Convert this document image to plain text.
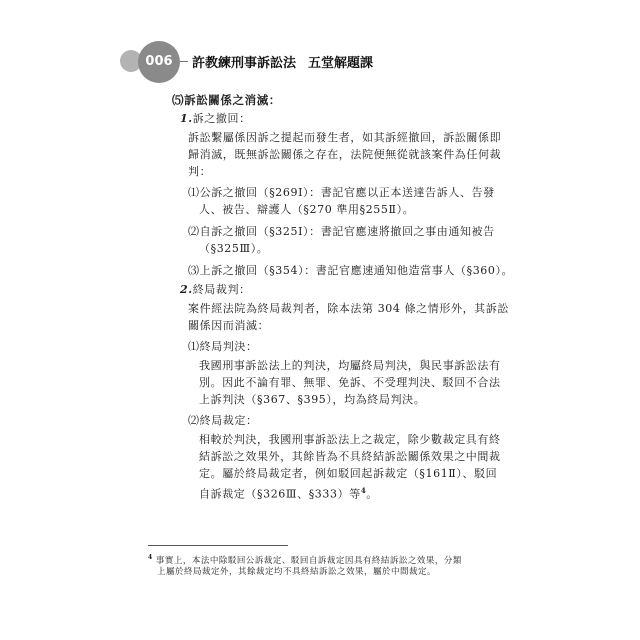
006	許教練刑事訴訟法 五堂解題課
⑸訴訟關係之消滅：
1.訴之撤回：
訴訟繫屬係因訴之提起而發生者，如其訴經撤回，訴訟關係即
歸消滅，既無訴訟關係之存在，法院便無從就該案件為任何裁
判：
⑴公訴之撤回（§269Ⅰ）：書記官應以正本送達告訴人、告發
人、被告、辯護人（§270 準用§255Ⅱ）。
⑵自訴之撤回（§325Ⅰ）：書記官應速將撤回之事由通知被告
（§325Ⅲ）。
⑶上訴之撤回（§354）：書記官應速通知他造當事人（§360）。
2.終局裁判：
案件經法院為終局裁判者，除本法第 304 條之情形外，其訴訟
關係因而消滅：
⑴終局判決：
我國刑事訴訟法上的判決，均屬終局判決，與民事訴訟法有
別。因此不論有罪、無罪、免訴、不受理判決、駁回不合法
上訴判決（§367、§395），均為終局判決。
⑵終局裁定：
相較於判決，我國刑事訴訟法上之裁定，除少數裁定具有終
結訴訟之效果外，其餘皆為不具終結訴訟關係效果之中間裁
定。屬於終局裁定者，例如駁回起訴裁定（§161Ⅱ）、駁回
自訴裁定（§326Ⅲ、§333）等$^4$。
$^4$ 事實上，本法中除駁回公訴裁定、駁回自訴裁定因具有終結訴訟之效果，分類
上屬於終局裁定外，其餘裁定均不具終結訴訟之效果，屬於中間裁定。
